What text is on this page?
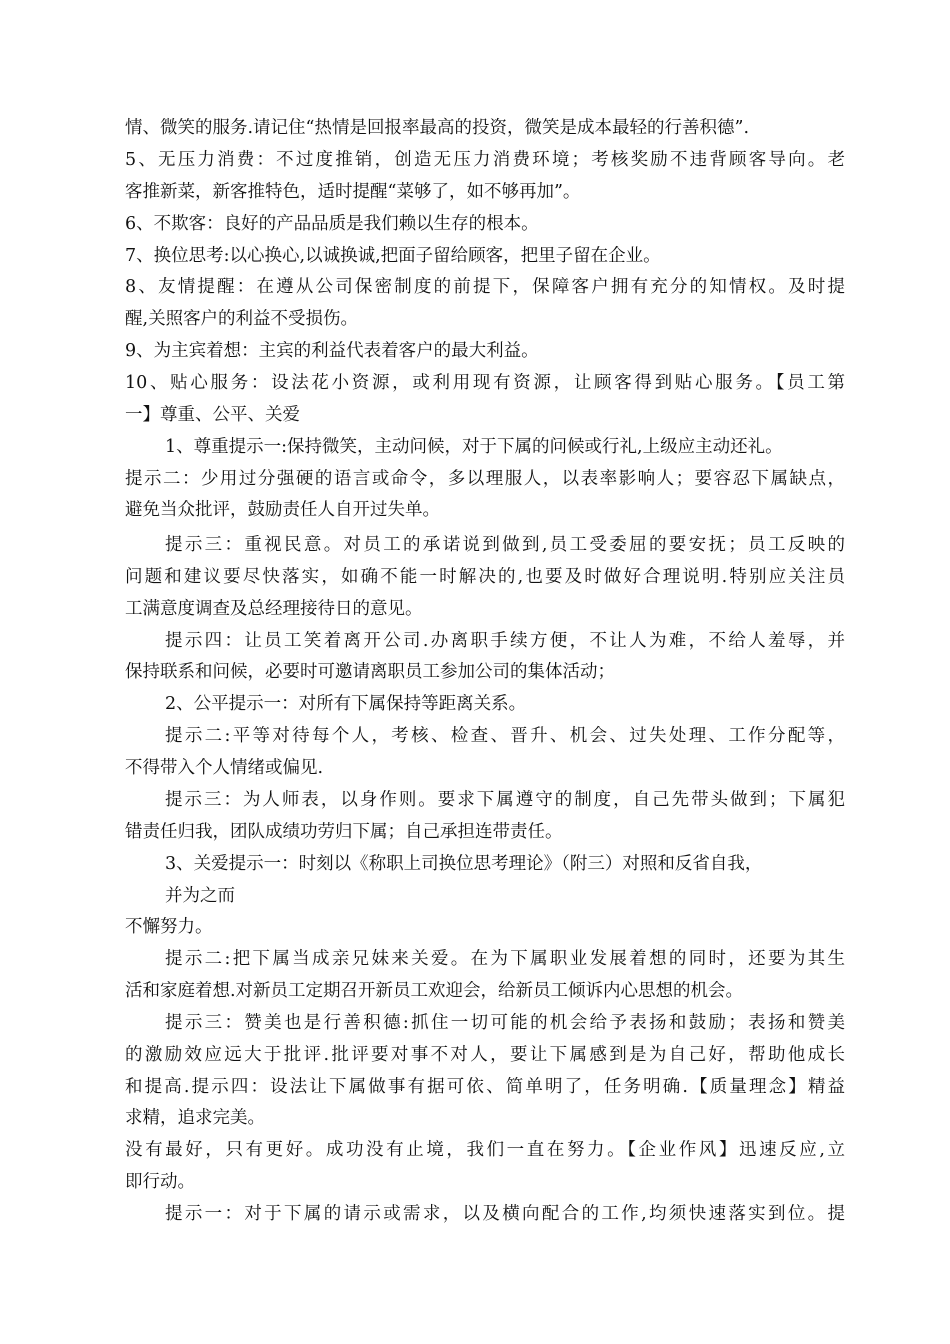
情、微笑的服务.请记住“热情是回报率最高的投资，微笑是成本最轻的行善积德”.
5、无压力消费：不过度推销，创造无压力消费环境；考核奖励不违背顾客导向。老
客推新菜，新客推特色，适时提醒“菜够了，如不够再加”。
6、不欺客：良好的产品品质是我们赖以生存的根本。
7、换位思考:以心换心,以诚换诚,把面子留给顾客，把里子留在企业。
8、友情提醒：在遵从公司保密制度的前提下，保障客户拥有充分的知情权。及时提
醒,关照客户的利益不受损伤。
9、为主宾着想：主宾的利益代表着客户的最大利益。
10、贴心服务：设法花小资源，或利用现有资源，让顾客得到贴心服务。【员工第
一】尊重、公平、关爱
1、尊重提示一:保持微笑，主动问候，对于下属的问候或行礼,上级应主动还礼。
提示二：少用过分强硬的语言或命令，多以理服人，以表率影响人；要容忍下属缺点，
避免当众批评，鼓励责任人自开过失单。
提示三：重视民意。对员工的承诺说到做到,员工受委屈的要安抚；员工反映的
问题和建议要尽快落实，如确不能一时解决的,也要及时做好合理说明.特别应关注员
工满意度调查及总经理接待日的意见。
提示四：让员工笑着离开公司.办离职手续方便，不让人为难，不给人羞辱，并
保持联系和问候，必要时可邀请离职员工参加公司的集体活动；
2、公平提示一：对所有下属保持等距离关系。
提示二:平等对待每个人，考核、检查、晋升、机会、过失处理、工作分配等，
不得带入个人情绪或偏见.
提示三：为人师表，以身作则。要求下属遵守的制度，自己先带头做到；下属犯
错责任归我，团队成绩功劳归下属；自己承担连带责任。
3、关爱提示一：时刻以《称职上司换位思考理论》（附三）对照和反省自我，
并为之而
不懈努力。
提示二:把下属当成亲兄妹来关爱。在为下属职业发展着想的同时，还要为其生
活和家庭着想.对新员工定期召开新员工欢迎会，给新员工倾诉内心思想的机会。
提示三：赞美也是行善积德:抓住一切可能的机会给予表扬和鼓励；表扬和赞美
的激励效应远大于批评.批评要对事不对人，要让下属感到是为自己好，帮助他成长
和提高.提示四：设法让下属做事有据可依、简单明了，任务明确.【质量理念】精益
求精，追求完美。
没有最好，只有更好。成功没有止境，我们一直在努力。【企业作风】迅速反应,立
即行动。
提示一：对于下属的请示或需求，以及横向配合的工作,均须快速落实到位。提
